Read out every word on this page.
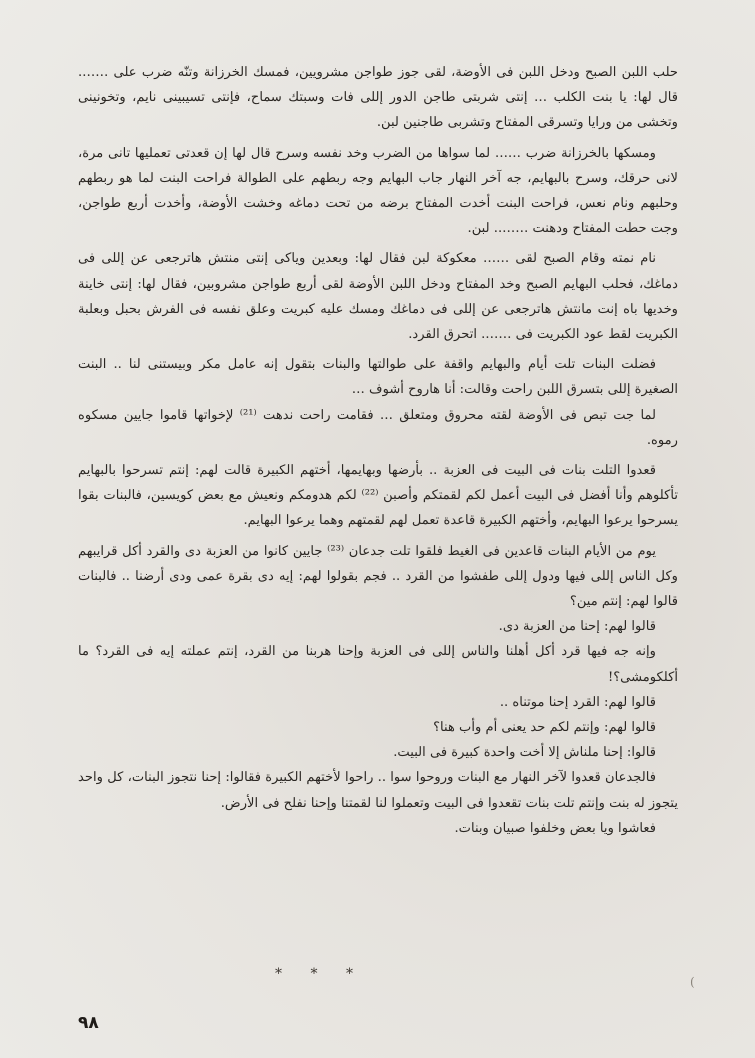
حلب اللبن الصبح ودخل اللبن فى الأوضة، لقى جوز طواجن مشرويين، فمسك الخرزانة وتنّه ضرب على ……. قال لها: يا بنت الكلب … إنتى شربتى طاجن الدور إللى فات وسبتك سماح، فإنتى تسيبينى نايم، وتخونينى وتخشى من ورايا وتسرقى المفتاح وتشربى طاجنين لبن.

ومسكها بالخرزانة ضرب …… لما سواها من الضرب وخد نفسه وسرح قال لها إن قعدتى تعمليها تانى مرة، لانى حرقك، وسرح بالبهايم، جه آخر النهار جاب البهايم وجه ربطهم على الطوالة فراحت البنت لما هو ربطهم وحلبهم ونام نعس، فراحت البنت أخدت المفتاح برضه من تحت دماغه وخشت الأوضة، وأخدت أربع طواجن، وجت حطت المفتاح ودهنت …….. لبن.

نام نمته وقام الصبح لقى …… معكوكة لبن فقال لها: وبعدين وياكى إنتى منتش هاترجعى عن إللى فى دماغك، فحلب البهايم الصبح وخد المفتاح ودخل اللبن الأوضة لقى أربع طواجن مشروبين، فقال لها: إنتى خاينة وخديها باه إنت مانتش هاترجعى عن إللى فى دماغك ومسك عليه كبريت وعلق نفسه فى الفرش بحبل وبعلبة الكبريت لقط عود الكبريت فى ……. اتحرق القرد.

فضلت البنات تلت أيام والبهايم واقفة على طوالتها والبنات بتقول إنه عامل مكر وبيستنى لنا .. البنت الصغيرة إللى بتسرق اللبن راحت وقالت: أنا هاروح أشوف …

لما جت تبص فى الأوضة لقته محروق ومتعلق … فقامت راحت ندهت ⁽²¹⁾ لإخواتها قاموا جايين مسكوه رموه.

قعدوا التلت بنات فى البيت فى العزبة .. بأرضها وبهايمها، أختهم الكبيرة قالت لهم: إنتم تسرحوا بالبهايم تأكلوهم وأنا أفضل فى البيت أعمل لكم لقمتكم وأصبن ⁽²²⁾ لكم هدومكم ونعيش مع بعض كويسين، فالبنات بقوا يسرحوا يرعوا البهايم، وأختهم الكبيرة قاعدة تعمل لهم لقمتهم وهما يرعوا البهايم.

يوم من الأيام البنات قاعدين فى الغيط فلقوا تلت جدعان ⁽²³⁾ جايين كانوا من العزبة دى والقرد أكل قرايبهم وكل الناس إللى فيها ودول إللى طفشوا من القرد .. فجم بقولوا لهم: إيه دى بقرة عمى ودى أرضنا .. فالبنات قالوا لهم: إنتم مين؟

قالوا لهم: إحنا من العزبة دى.

وإنه جه فيها قرد أكل أهلنا والناس إللى فى العزبة وإحنا هربنا من القرد، إنتم عملته إيه فى القرد؟ ما أكلكومشى؟!

قالوا لهم: القرد إحنا موتناه ..

قالوا لهم: وإنتم لكم حد يعنى أم وأب هنا؟

قالوا: إحنا ملناش إلا أخت واحدة كبيرة فى البيت.

فالجدعان قعدوا لآخر النهار مع البنات وروحوا سوا .. راحوا لأختهم الكبيرة فقالوا: إحنا نتجوز البنات، كل واحد يتجوز له بنت وإنتم تلت بنات تقعدوا فى البيت وتعملوا لنا لقمتنا وإحنا نفلح فى الأرض.

فعاشوا ويا بعض وخلفوا صبيان وبنات.

* * *	(
٩٨
